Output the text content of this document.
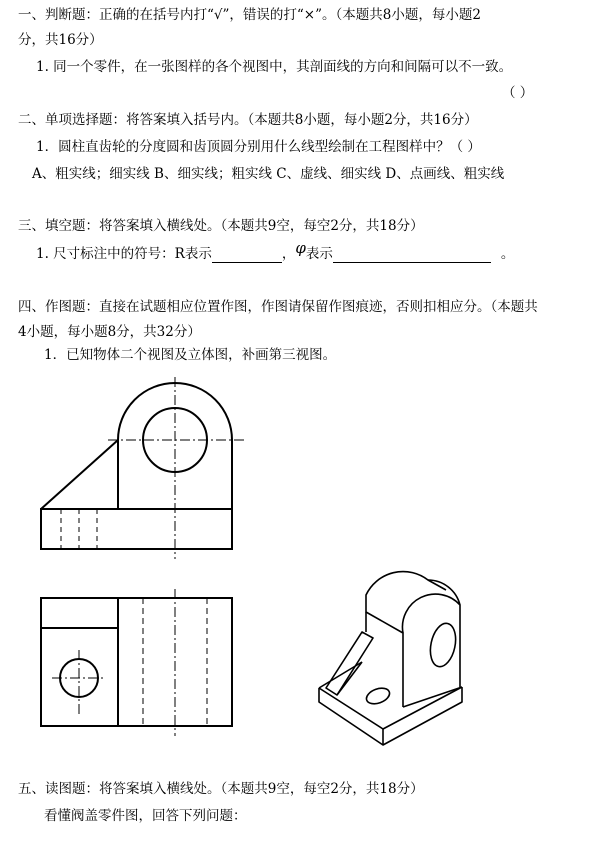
一、判断题：正确的在括号内打“√”，错误的打“×”。（本题共8小题，每小题2
分，共16分）
1. 同一个零件，在一张图样的各个视图中，其剖面线的方向和间隔可以不一致。
（ ）
二、单项选择题：将答案填入括号内。（本题共8小题，每小题2分，共16分）
1．圆柱直齿轮的分度圆和齿顶圆分别用什么线型绘制在工程图样中？（ ）
A、粗实线；细实线 B、细实线；粗实线 C、虚线、细实线 D、点画线、粗实线
三、填空题：将答案填入横线处。（本题共9空，每空2分，共18分）
1. 尺寸标注中的符号：R表示	，φ表示	。
四、作图题：直接在试题相应位置作图，作图请保留作图痕迹，否则扣相应分。（本题共
4小题，每小题8分，共32分）
1．已知物体二个视图及立体图，补画第三视图。
五、读图题：将答案填入横线处。（本题共9空，每空2分，共18分）
看懂阀盖零件图，回答下列问题：
